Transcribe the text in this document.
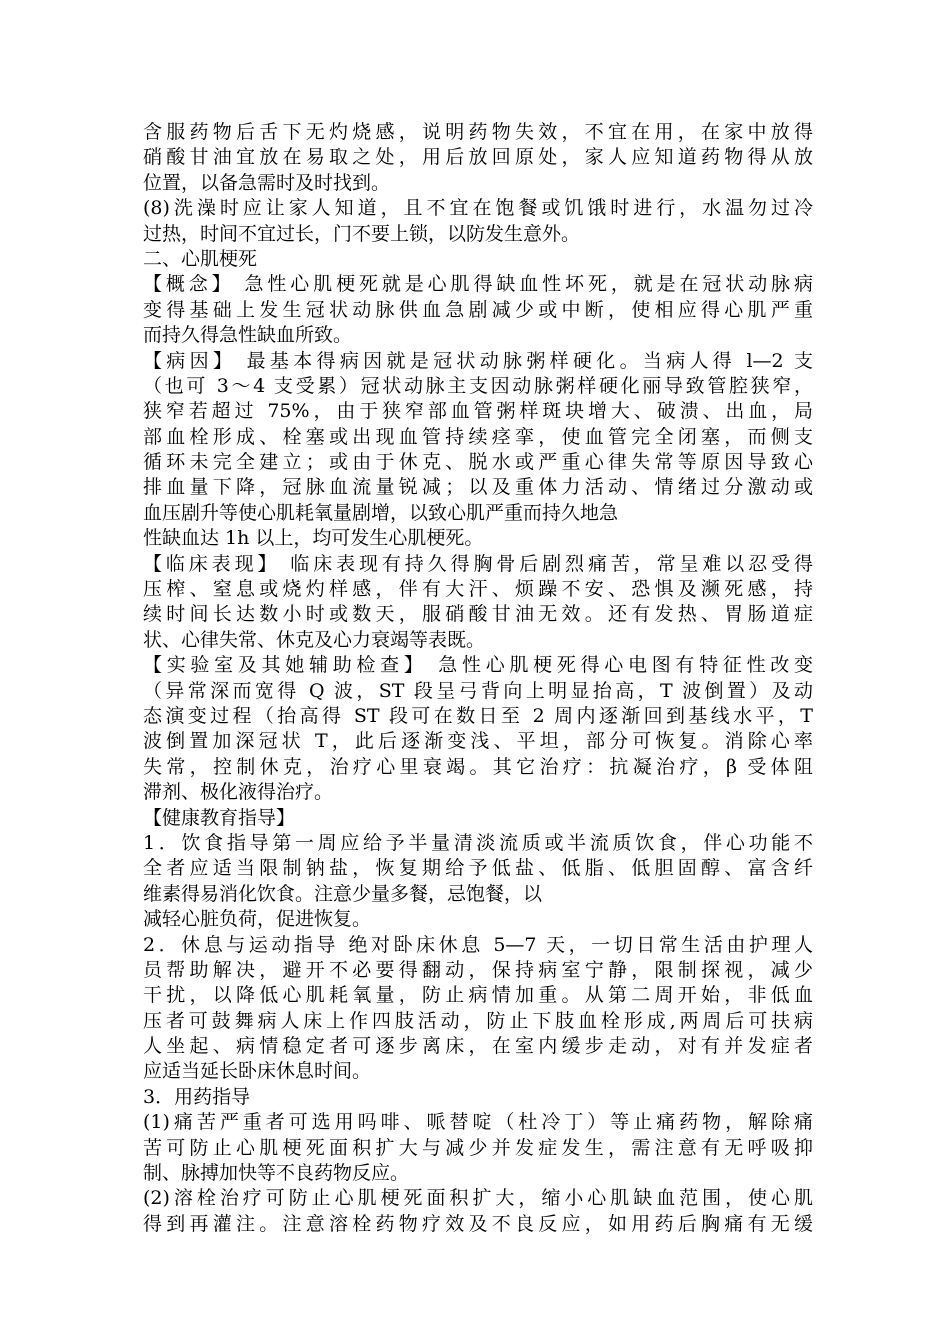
含服药物后舌下无灼烧感，说明药物失效，不宜在用，在家中放得
硝酸甘油宜放在易取之处，用后放回原处，家人应知道药物得从放
位置，以备急需时及时找到。
(8)洗澡时应让家人知道，且不宜在饱餐或饥饿时进行，水温勿过冷
过热，时间不宜过长，门不要上锁，以防发生意外。
二、心肌梗死
【概念】 急性心肌梗死就是心肌得缺血性坏死，就是在冠状动脉病
变得基础上发生冠状动脉供血急剧减少或中断，使相应得心肌严重
而持久得急性缺血所致。
【病因】 最基本得病因就是冠状动脉粥样硬化。当病人得 l—2 支
（也可 3～4 支受累）冠状动脉主支因动脉粥样硬化丽导致管腔狭窄，
狭窄若超过 75%，由于狭窄部血管粥样斑块增大、破溃、出血，局
部血栓形成、栓塞或出现血管持续痉挛，使血管完全闭塞，而侧支
循环未完全建立；或由于休克、脱水或严重心律失常等原因导致心
排血量下降，冠脉血流量锐减；以及重体力活动、情绪过分激动或
血压剧升等使心肌耗氧量剧增，以致心肌严重而持久地急
性缺血达 1h 以上，均可发生心肌梗死。
【临床表现】 临床表现有持久得胸骨后剧烈痛苦，常呈难以忍受得
压榨、窒息或烧灼样感，伴有大汗、烦躁不安、恐惧及濒死感，持
续时间长达数小时或数天，服硝酸甘油无效。还有发热、胃肠道症
状、心律失常、休克及心力衰竭等表既。
【实验室及其她辅助检查】 急性心肌梗死得心电图有特征性改变
（异常深而宽得 Q 波，ST 段呈弓背向上明显抬高，T 波倒置）及动
态演变过程（抬高得 ST 段可在数日至 2 周内逐渐回到基线水平，T
波倒置加深冠状 T，此后逐渐变浅、平坦，部分可恢复。消除心率
失常，控制休克，治疗心里衰竭。其它治疗：抗凝治疗，β 受体阻
滞剂、极化液得治疗。
【健康教育指导】
1．饮食指导第一周应给予半量清淡流质或半流质饮食，伴心功能不
全者应适当限制钠盐，恢复期给予低盐、低脂、低胆固醇、富含纤
维素得易消化饮食。注意少量多餐，忌饱餐，以
减轻心脏负荷，促进恢复。
2．休息与运动指导 绝对卧床休息 5—7 天，一切日常生活由护理人
员帮助解决，避开不必要得翻动，保持病室宁静，限制探视，减少
干扰，以降低心肌耗氧量，防止病情加重。从第二周开始，非低血
压者可鼓舞病人床上作四肢活动，防止下肢血栓形成,两周后可扶病
人坐起、病情稳定者可逐步离床，在室内缓步走动，对有并发症者
应适当延长卧床休息时间。
3．用药指导
(1)痛苦严重者可选用吗啡、哌替啶（杜冷丁）等止痛药物，解除痛
苦可防止心肌梗死面积扩大与减少并发症发生，需注意有无呼吸抑
制、脉搏加快等不良药物反应。
(2)溶栓治疗可防止心肌梗死面积扩大，缩小心肌缺血范围，使心肌
得到再灌注。注意溶栓药物疗效及不良反应，如用药后胸痛有无缓
